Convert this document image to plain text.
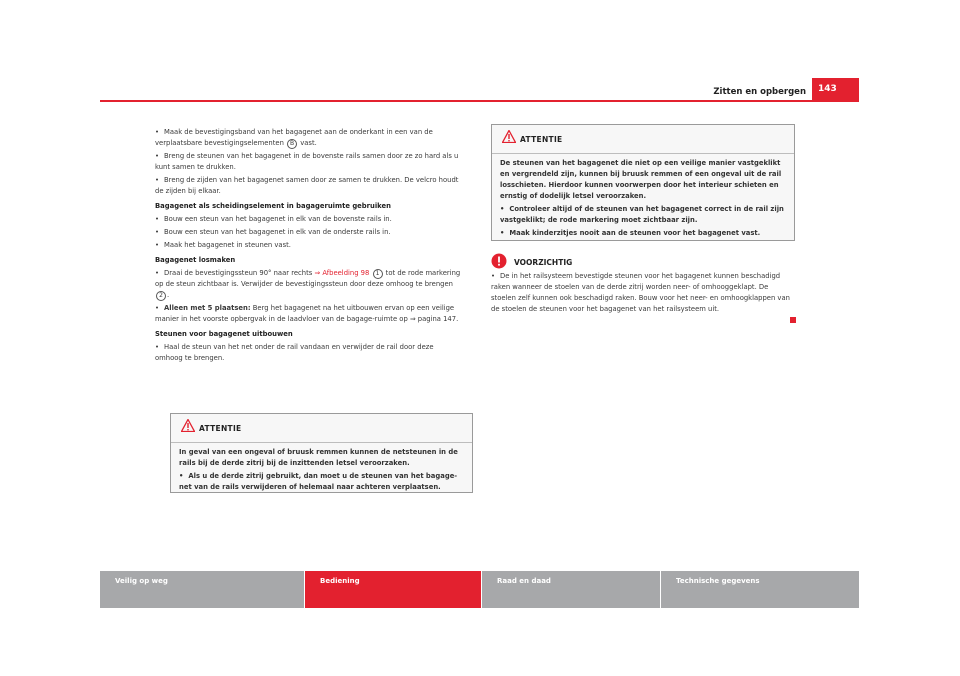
Zitten en opbergen	143

• Maak de bevestigingsband van het bagagenet aan de onderkant in een van de verplaatsbare bevestigingselementen B vast.

• Breng de steunen van het bagagenet in de bovenste rails samen door ze zo hard als u kunt samen te drukken.

• Breng de zijden van het bagagenet samen door ze samen te drukken. De velcro houdt de zijden bij elkaar.

Bagagenet als scheidingselement in bagageruimte gebruiken

• Bouw een steun van het bagagenet in elk van de bovenste rails in.

• Bouw een steun van het bagagenet in elk van de onderste rails in.

• Maak het bagagenet in steunen vast.

Bagagenet losmaken

• Draai de bevestigingssteun 90° naar rechts ⇒ Afbeelding 98 1 tot de rode markering op de steun zichtbaar is. Verwijder de bevestigingssteun door deze omhoog te brengen 2 .

• Alleen met 5 plaatsen: Berg het bagagenet na het uitbouwen ervan op een veilige manier in het voorste opbergvak in de laadvloer van de bagage-ruimte op ⇒ pagina 147.

Steunen voor bagagenet uitbouwen

• Haal de steun van het net onder de rail vandaan en verwijder de rail door deze omhoog te brengen.

ATTENTIE

In geval van een ongeval of bruusk remmen kunnen de netsteunen in de rails bij de derde zitrij bij de inzittenden letsel veroorzaken.

• Als u de derde zitrij gebruikt, dan moet u de steunen van het bagage-net van de rails verwijderen of helemaal naar achteren verplaatsen.

ATTENTIE

De steunen van het bagagenet die niet op een veilige manier vastgeklikt en vergrendeld zijn, kunnen bij bruusk remmen of een ongeval uit de rail losschieten. Hierdoor kunnen voorwerpen door het interieur schieten en ernstig of dodelijk letsel veroorzaken.

• Controleer altijd of de steunen van het bagagenet correct in de rail zijn vastgeklikt; de rode markering moet zichtbaar zijn.

• Maak kinderzitjes nooit aan de steunen voor het bagagenet vast.

VOORZICHTIG

• De in het railsysteem bevestigde steunen voor het bagagenet kunnen beschadigd raken wanneer de stoelen van de derde zitrij worden neer- of omhooggeklapt. De stoelen zelf kunnen ook beschadigd raken. Bouw voor het neer- en omhoogklappen van de stoelen de steunen voor het bagagenet van het railsysteem uit.

Veilig op weg	Bediening	Raad en daad	Technische gegevens
